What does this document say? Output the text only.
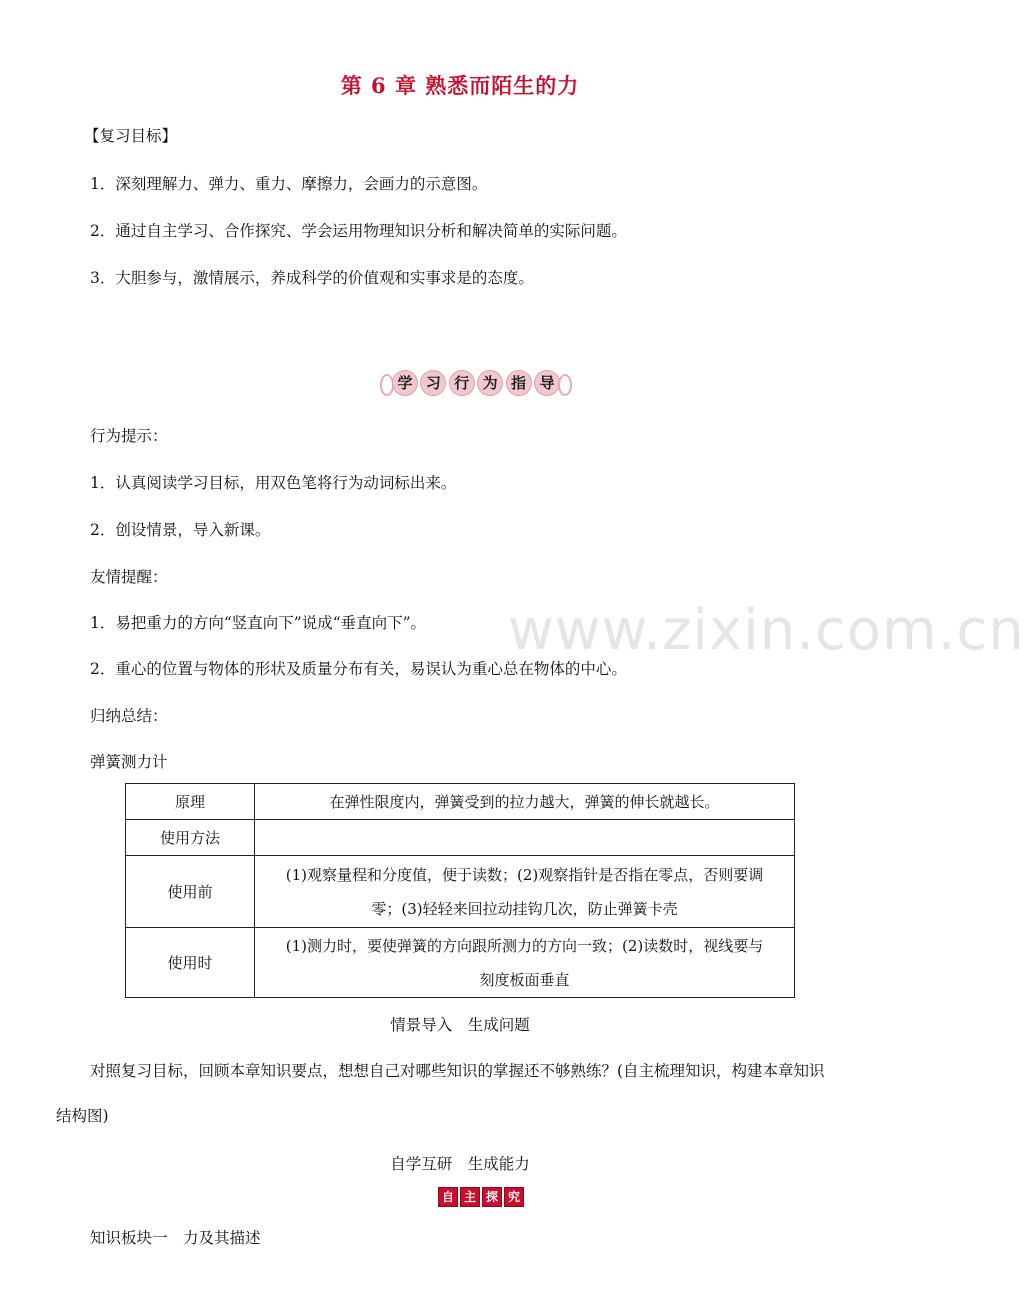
第 6 章 熟悉而陌生的力
【复习目标】
1．深刻理解力、弹力、重力、摩擦力，会画力的示意图。
2．通过自主学习、合作探究、学会运用物理知识分析和解决简单的实际问题。
3．大胆参与，激情展示，养成科学的价值观和实事求是的态度。
学 习 行 为 指 导
行为提示：
1．认真阅读学习目标，用双色笔将行为动词标出来。
2．创设情景，导入新课。
友情提醒：
1．易把重力的方向“竖直向下”说成“垂直向下”。
2．重心的位置与物体的形状及质量分布有关，易误认为重心总在物体的中心。
www.zixin.com.cn
归纳总结：
弹簧测力计
原理	在弹性限度内，弹簧受到的拉力越大，弹簧的伸长就越长。
使用方法	
使用前	(1)观察量程和分度值，便于读数；(2)观察指针是否指在零点，否则要调
零；(3)轻轻来回拉动挂钩几次，防止弹簧卡壳

使用时	(1)测力时，要使弹簧的方向跟所测力的方向一致；(2)读数时，视线要与
刻度板面垂直
情景导入　生成问题
对照复习目标，回顾本章知识要点，想想自己对哪些知识的掌握还不够熟练？(自主梳理知识，构建本章知识
结构图)
自学互研　生成能力
自 主 探 究
知识板块一　力及其描述
